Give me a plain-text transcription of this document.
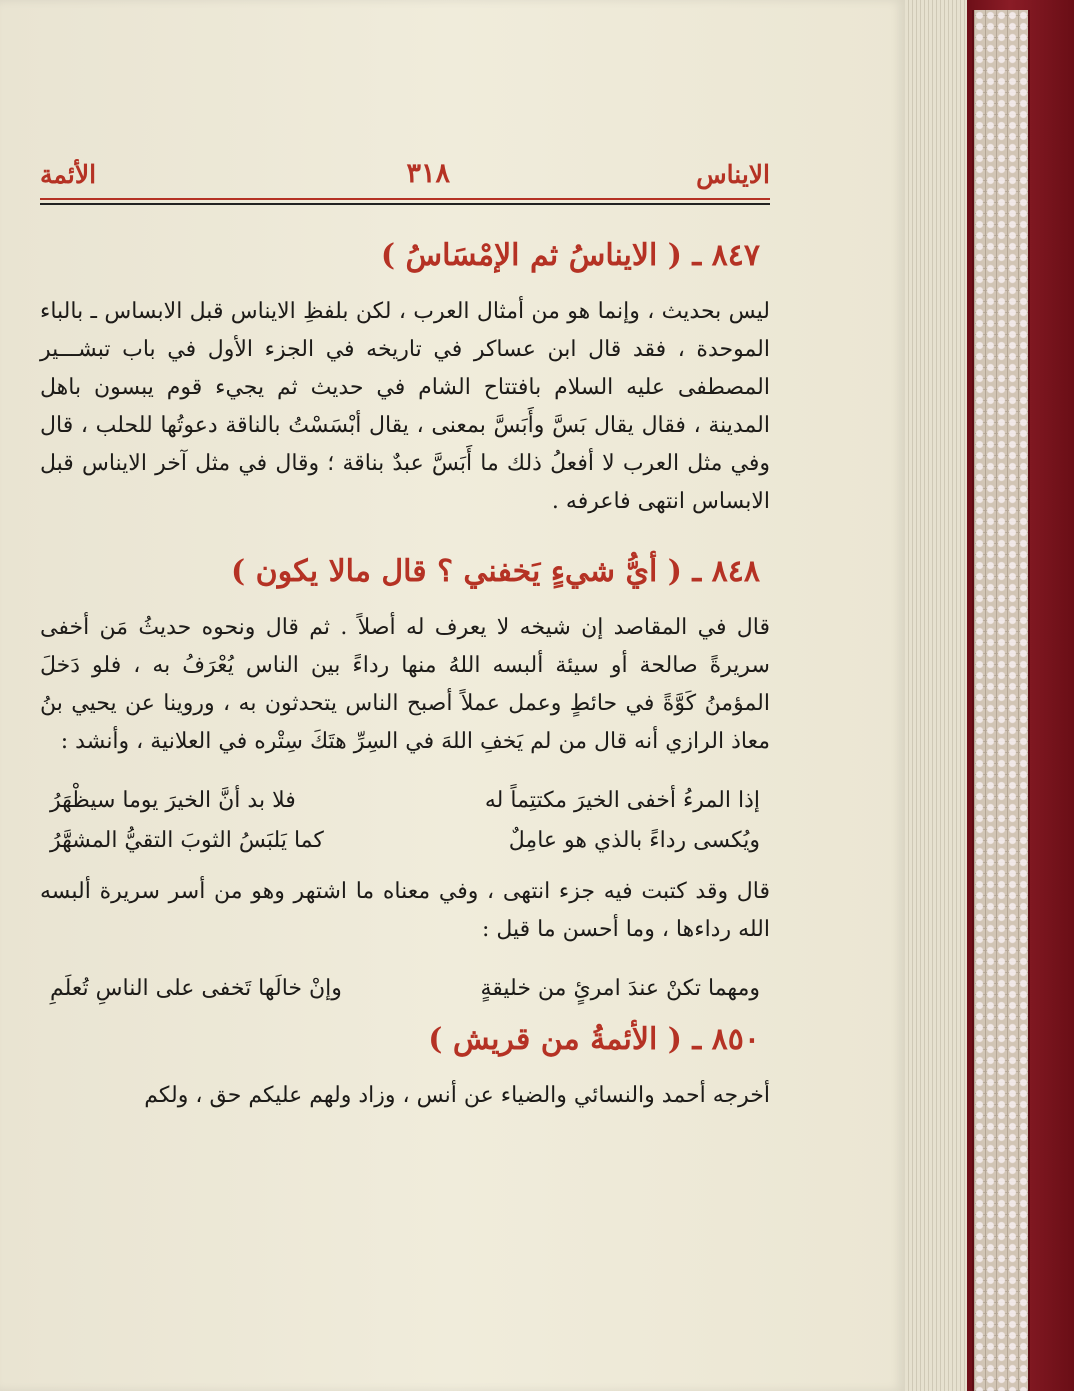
الايناس
٣١٨
الأئمة
٨٤٧ ـ ( الايناسُ ثم الإمْسَاسُ )

ليس بحديث ، وإنما هو من أمثال العرب ، لكن بلفظِ الايناس قبل الابساس ـ بالباء الموحدة ، فقد قال ابن عساكر في تاريخه في الجزء الأول في باب تبشـــير المصطفى عليه السلام بافتتاح الشام في حديث ثم يجيء قوم يبسون باهل المدينة ، فقال يقال بَسَّ وأَبَسَّ بمعنى ، يقال أبْسَسْتُ بالناقة دعوتُها للحلب ، قال وفي مثل العرب لا أفعلُ ذلك ما أَبَسَّ عبدٌ بناقة ؛ وقال في مثل آخر الايناس قبل الابساس انتهى فاعرفه .

٨٤٨ ـ ( أيُّ شيءٍ يَخفني ؟ قال مالا يكون )

قال في المقاصد إن شيخه لا يعرف له أصلاً . ثم قال ونحوه حديثُ مَن أخفى سريرةً صالحة أو سيئة ألبسه اللهُ منها رداءً بين الناس يُعْرَفُ به ، فلو دَخلَ المؤمنُ كَوَّةً في حائطٍ وعمل عملاً أصبح الناس يتحدثون به ، وروينا عن يحيي بنُ معاذ الرازي أنه قال من لم يَخفِ اللهَ في السِرِّ هتَكَ سِتْره في العلانية ، وأنشد :

إذا المرءُ أخفى الخيرَ مكتتِماً له
فلا بد أنَّ الخيرَ يوما سيظْهَرُ
ويُكسى رداءً بالذي هو عامِلٌ
كما يَلبَسُ الثوبَ التقيُّ المشهَّرُ

قال وقد كتبت فيه جزء انتهى ، وفي معناه ما اشتهر وهو من أسر سريرة ألبسه الله رداءها ، وما أحسن ما قيل :

ومهما تكنْ عندَ امرئٍ من خليقةٍ
وإنْ خالَها تَخفى على الناسِ تُعلَمِ
٨٥٠ ـ ( الأئمةُ من قريش )

أخرجه أحمد والنسائي والضياء عن أنس ، وزاد ولهم عليكم حق ، ولكم
